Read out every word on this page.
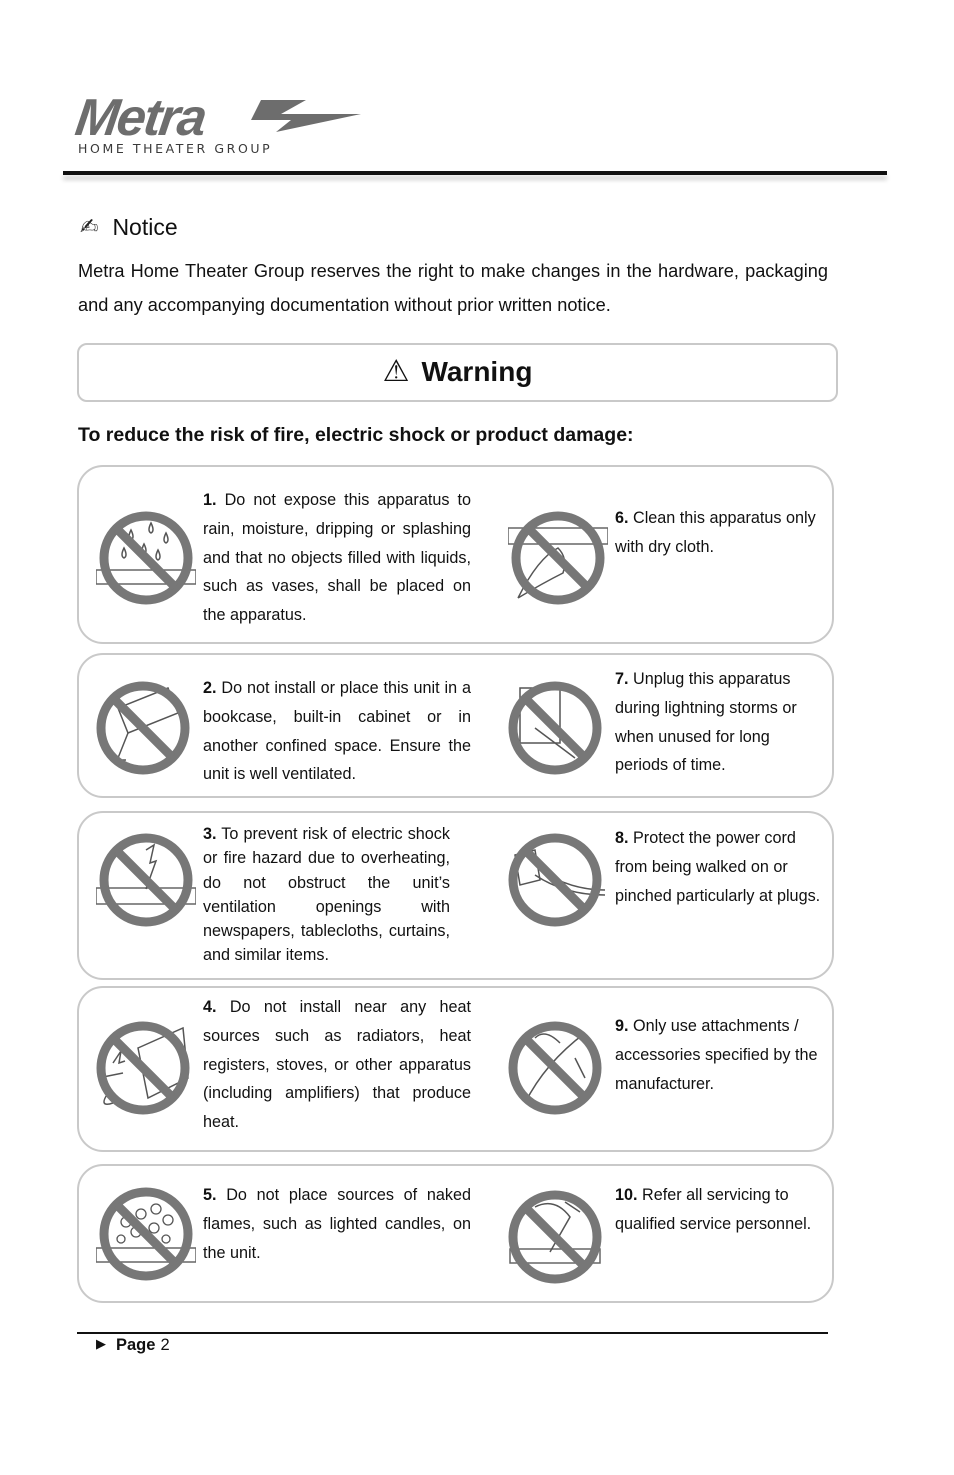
Metra
HOME THEATER GROUP
✍ Notice
Metra Home Theater Group reserves the right to make changes in the hardware, packaging and any accompanying documentation without prior written notice.
⚠ Warning
To reduce the risk of fire, electric shock or product damage:
1. Do not expose this apparatus to rain, moisture, dripping or splashing and that no objects filled with liquids, such as vases, shall be placed on the apparatus.
6. Clean this apparatus only with dry cloth.
2. Do not install or place this unit in a bookcase, built-in cabinet or in another confined space. Ensure the unit is well ventilated.
7. Unplug this apparatus during lightning storms or when unused for long periods of time.
3. To prevent risk of electric shock or fire hazard due to overheating, do not obstruct the unit’s ventilation openings with newspapers, tablecloths, curtains, and similar items.
8. Protect the power cord from being walked on or pinched particularly at plugs.
4. Do not install near any heat sources such as radiators, heat registers, stoves, or other apparatus (including amplifiers) that produce heat.
9. Only use attachments / accessories specified by the manufacturer.
5. Do not place sources of naked flames, such as lighted candles, on the unit.
10. Refer all servicing to qualified service personnel.
▶ Page 2
